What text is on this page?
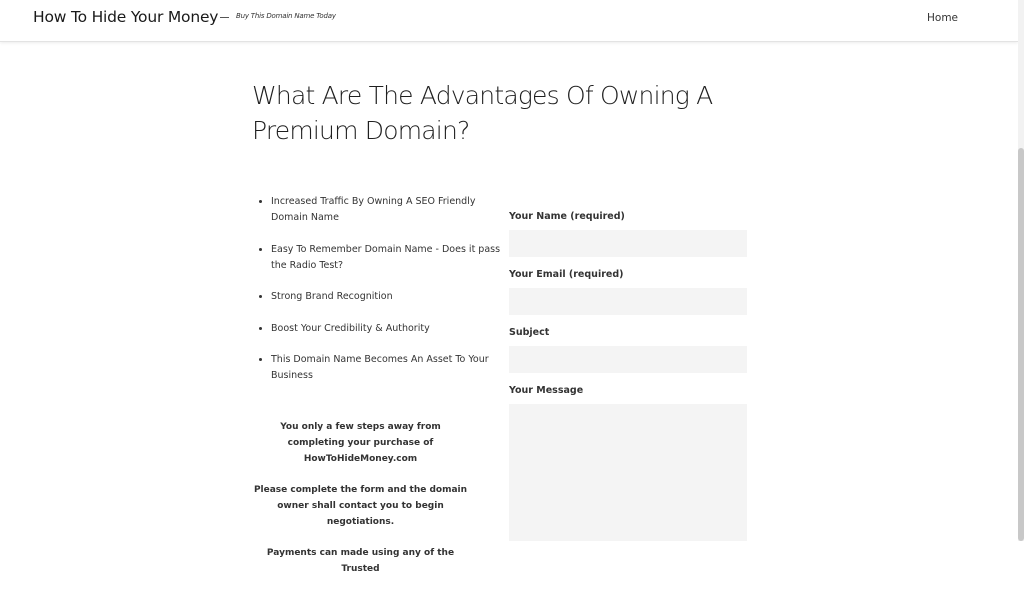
How To Hide Your Money	Buy This Domain Name Today	Home
What Are The Advantages Of Owning A Premium Domain?
• Increased Traffic By Owning A SEO Friendly Domain Name
• Easy To Remember Domain Name - Does it pass the Radio Test?
• Strong Brand Recognition
• Boost Your Credibility & Authority
• This Domain Name Becomes An Asset To Your Business

You only a few steps away from completing your purchase of HowToHideMoney.com

Please complete the form and the domain owner shall contact you to begin negotiations.

Payments can made using any of the Trusted

Your Name (required)
Your Email (required)
Subject
Your Message
